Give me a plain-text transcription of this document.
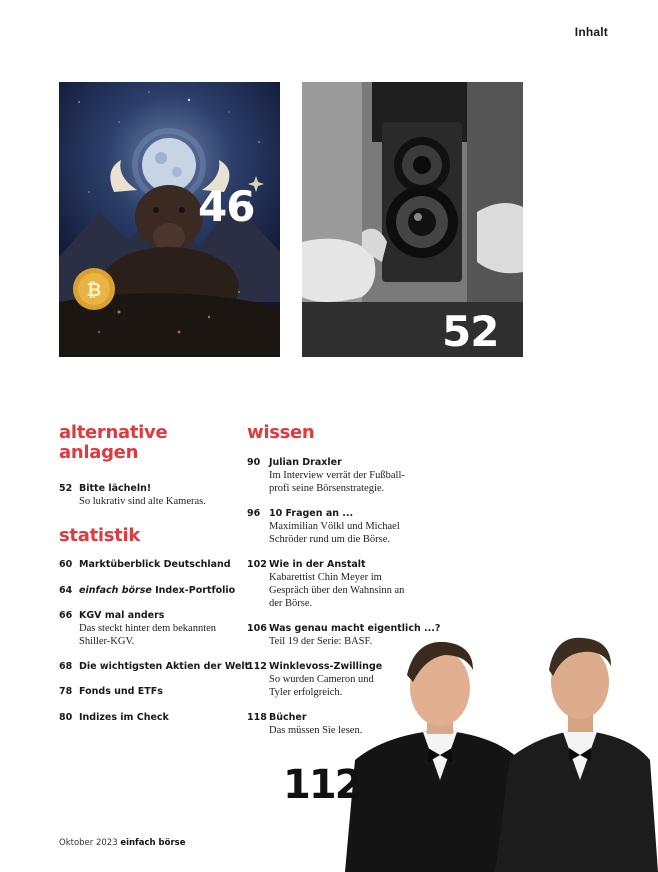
Inhalt
₿
46
52
alternative
anlagen
52 Bitte lächeln!
So lukrativ sind alte Kameras.
statistik
60 Marktüberblick Deutschland
64 einfach börse Index-Portfolio
66 KGV mal anders
Das steckt hinter dem bekannten
Shiller-KGV.
68 Die wichtigsten Aktien der Welt
78 Fonds und ETFs
80 Indizes im Check
wissen
90 Julian Draxler
Im Interview verrät der Fußball-
profi seine Börsenstrategie.
96 10 Fragen an ...
Maximilian Völkl und Michael
Schröder rund um die Börse.
102 Wie in der Anstalt
Kabarettist Chin Meyer im
Gespräch über den Wahnsinn an
der Börse.
106 Was genau macht eigentlich ...?
Teil 19 der Serie: BASF.
112 Winklevoss-Zwillinge
So wurden Cameron und
Tyler erfolgreich.
118 Bücher
Das müssen Sie lesen.
112
Oktober 2023 einfach börse
